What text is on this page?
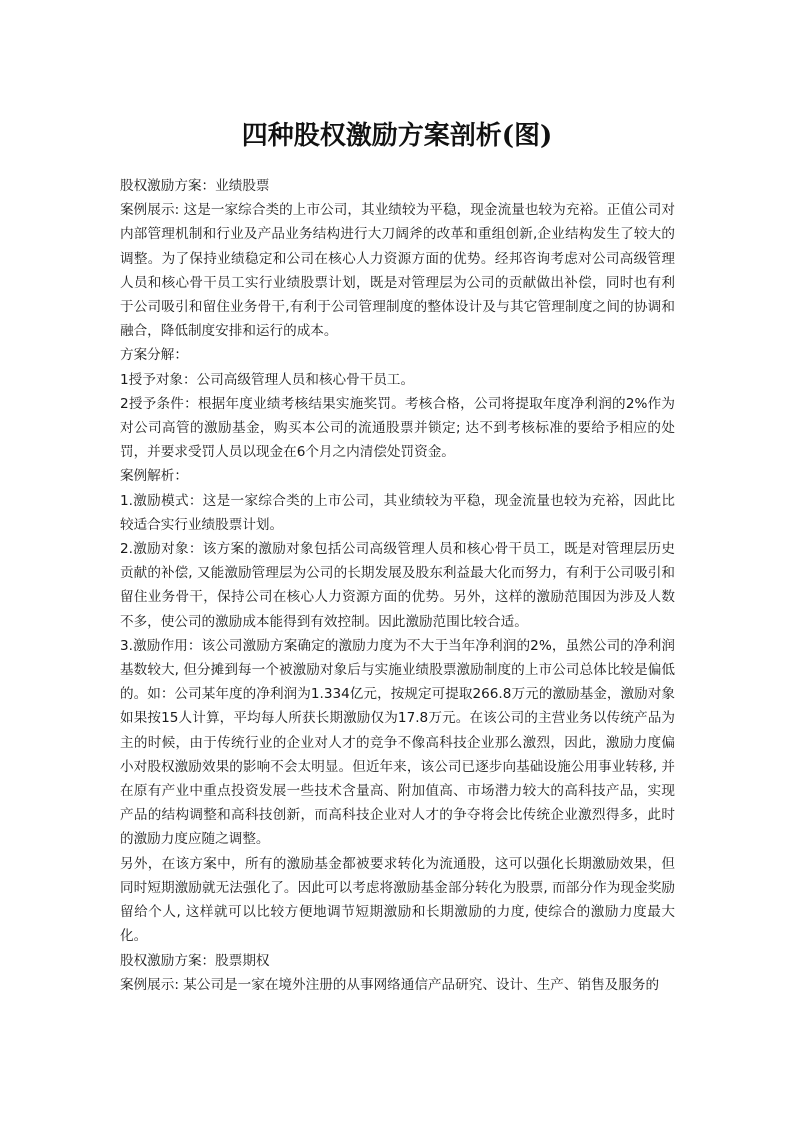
四种股权激励方案剖析(图)

股权激励方案：业绩股票

案例展示: 这是一家综合类的上市公司，其业绩较为平稳，现金流量也较为充裕。正值公司对内部管理机制和行业及产品业务结构进行大刀阔斧的改革和重组创新,企业结构发生了较大的调整。为了保持业绩稳定和公司在核心人力资源方面的优势。经邦咨询考虑对公司高级管理人员和核心骨干员工实行业绩股票计划，既是对管理层为公司的贡献做出补偿，同时也有利于公司吸引和留住业务骨干,有利于公司管理制度的整体设计及与其它管理制度之间的协调和融合，降低制度安排和运行的成本。

方案分解：

1授予对象：公司高级管理人员和核心骨干员工。

2授予条件：根据年度业绩考核结果实施奖罚。考核合格，公司将提取年度净利润的2%作为对公司高管的激励基金，购买本公司的流通股票并锁定; 达不到考核标准的要给予相应的处罚，并要求受罚人员以现金在6个月之内清偿处罚资金。

案例解析：

1.激励模式：这是一家综合类的上市公司，其业绩较为平稳，现金流量也较为充裕，因此比较适合实行业绩股票计划。

2.激励对象：该方案的激励对象包括公司高级管理人员和核心骨干员工，既是对管理层历史贡献的补偿, 又能激励管理层为公司的长期发展及股东利益最大化而努力，有利于公司吸引和留住业务骨干，保持公司在核心人力资源方面的优势。另外，这样的激励范围因为涉及人数不多，使公司的激励成本能得到有效控制。因此激励范围比较合适。

3.激励作用：该公司激励方案确定的激励力度为不大于当年净利润的2%，虽然公司的净利润基数较大, 但分摊到每一个被激励对象后与实施业绩股票激励制度的上市公司总体比较是偏低的。如：公司某年度的净利润为1.334亿元，按规定可提取266.8万元的激励基金，激励对象如果按15人计算，平均每人所获长期激励仅为17.8万元。在该公司的主营业务以传统产品为主的时候，由于传统行业的企业对人才的竞争不像高科技企业那么激烈，因此，激励力度偏小对股权激励效果的影响不会太明显。但近年来，该公司已逐步向基础设施公用事业转移, 并在原有产业中重点投资发展一些技术含量高、附加值高、市场潜力较大的高科技产品，实现产品的结构调整和高科技创新，而高科技企业对人才的争夺将会比传统企业激烈得多，此时的激励力度应随之调整。

另外，在该方案中，所有的激励基金都被要求转化为流通股，这可以强化长期激励效果，但同时短期激励就无法强化了。因此可以考虑将激励基金部分转化为股票, 而部分作为现金奖励留给个人, 这样就可以比较方便地调节短期激励和长期激励的力度, 使综合的激励力度最大化。

股权激励方案：股票期权

案例展示: 某公司是一家在境外注册的从事网络通信产品研究、设计、生产、销售及服务的
